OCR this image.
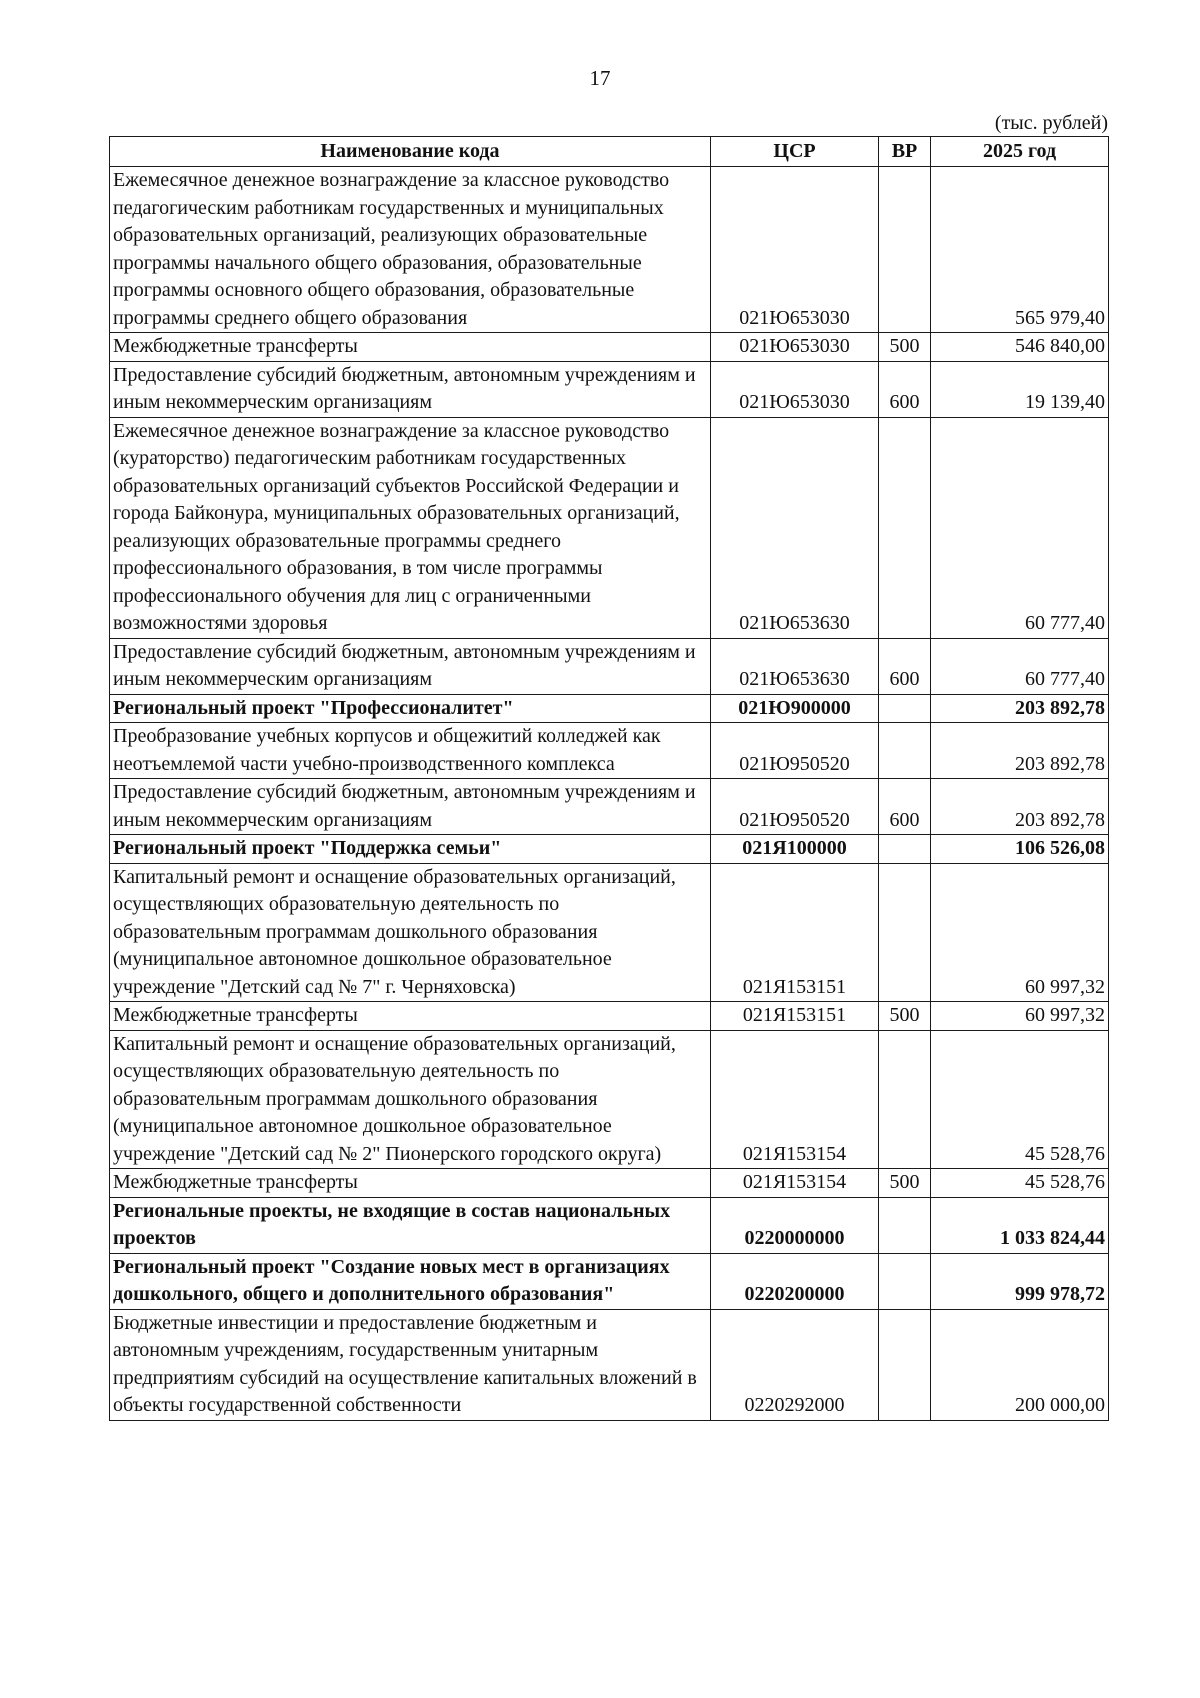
17
(тыс. рублей)
Наименование кода	ЦСР	ВР	2025 год
Ежемесячное денежное вознаграждение за классное руководство педагогическим работникам государственных и муниципальных образовательных организаций, реализующих образовательные программы начального общего образования, образовательные программы основного общего образования, образовательные программы среднего общего образования	021Ю653030		565 979,40
Межбюджетные трансферты	021Ю653030	500	546 840,00
Предоставление субсидий бюджетным, автономным учреждениям и иным некоммерческим организациям	021Ю653030	600	19 139,40
Ежемесячное денежное вознаграждение за классное руководство (кураторство) педагогическим работникам государственных образовательных организаций субъектов Российской Федерации и города Байконура, муниципальных образовательных организаций, реализующих образовательные программы среднего профессионального образования, в том числе программы профессионального обучения для лиц с ограниченными возможностями здоровья	021Ю653630		60 777,40
Предоставление субсидий бюджетным, автономным учреждениям и иным некоммерческим организациям	021Ю653630	600	60 777,40
Региональный проект "Профессионалитет"	021Ю900000		203 892,78
Преобразование учебных корпусов и общежитий колледжей как неотъемлемой части учебно-производственного комплекса	021Ю950520		203 892,78
Предоставление субсидий бюджетным, автономным учреждениям и иным некоммерческим организациям	021Ю950520	600	203 892,78
Региональный проект "Поддержка семьи"	021Я100000		106 526,08
Капитальный ремонт и оснащение образовательных организаций, осуществляющих образовательную деятельность по образовательным программам дошкольного образования (муниципальное автономное дошкольное образовательное учреждение "Детский сад № 7" г. Черняховска)	021Я153151		60 997,32
Межбюджетные трансферты	021Я153151	500	60 997,32
Капитальный ремонт и оснащение образовательных организаций, осуществляющих образовательную деятельность по образовательным программам дошкольного образования (муниципальное автономное дошкольное образовательное учреждение "Детский сад № 2" Пионерского городского округа)	021Я153154		45 528,76
Межбюджетные трансферты	021Я153154	500	45 528,76
Региональные проекты, не входящие в состав национальных проектов	0220000000		1 033 824,44
Региональный проект "Создание новых мест в организациях дошкольного, общего и дополнительного образования"	0220200000		999 978,72
Бюджетные инвестиции и предоставление бюджетным и автономным учреждениям, государственным унитарным предприятиям субсидий на осуществление капитальных вложений в объекты государственной собственности	0220292000		200 000,00
